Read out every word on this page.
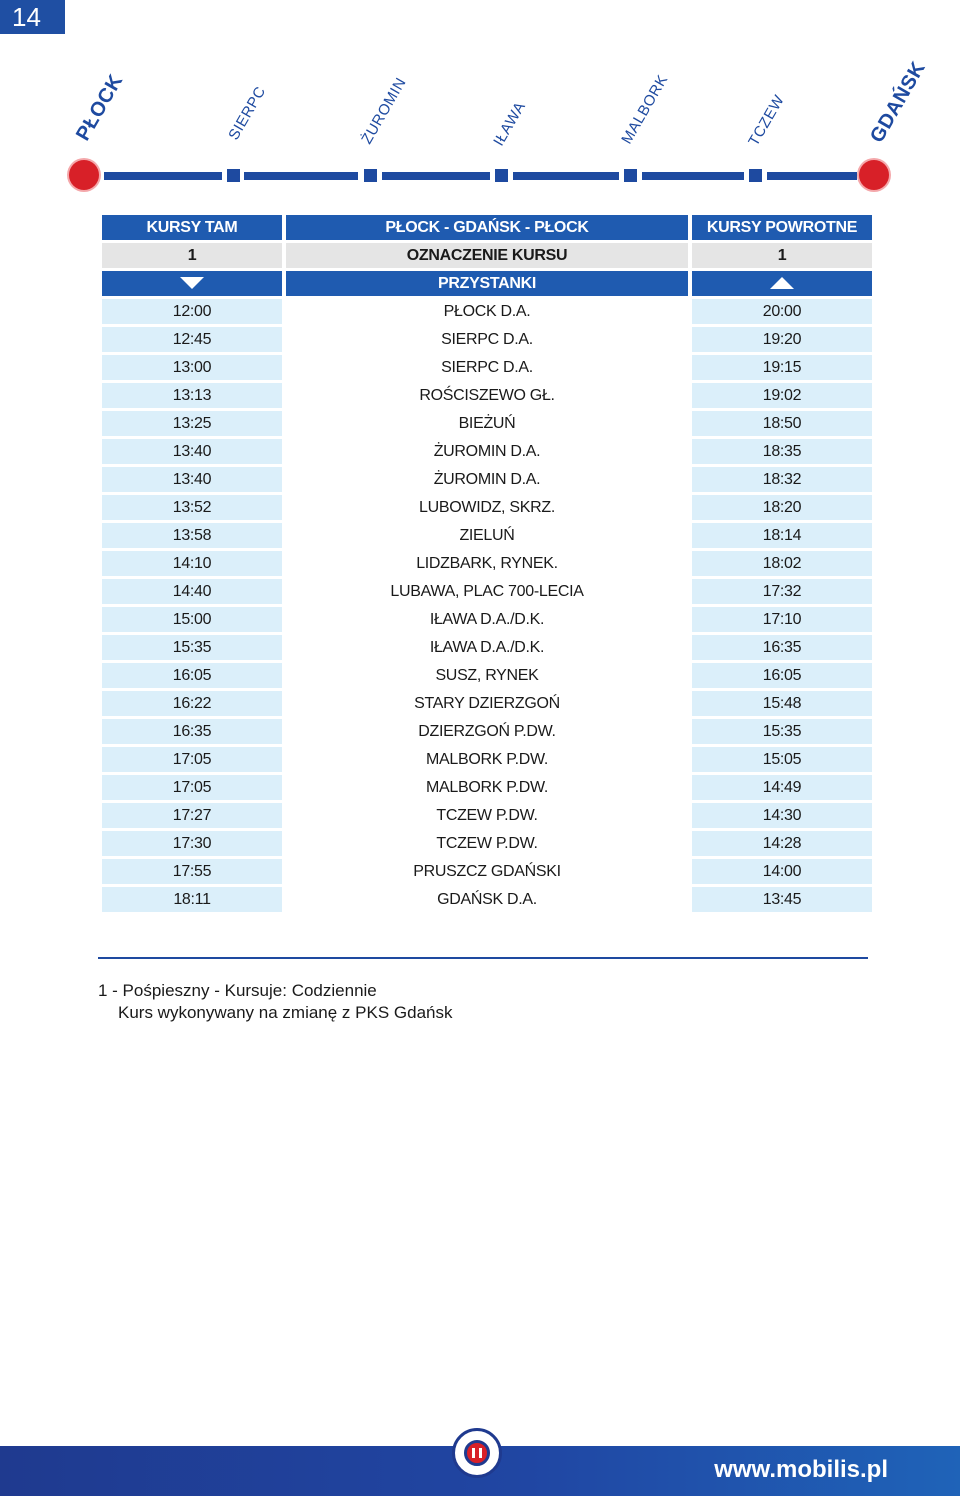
14
PŁOCK	SIERPC	ŻUROMIN	IŁAWA	MALBORK	TCZEW	GDAŃSK
KURSY TAM	PŁOCK - GDAŃSK - PŁOCK	KURSY POWROTNE
1	OZNACZENIE KURSU	1
	PRZYSTANKI	
12:00	PŁOCK D.A.	20:00
12:45	SIERPC D.A.	19:20
13:00	SIERPC D.A.	19:15
13:13	ROŚCISZEWO GŁ.	19:02
13:25	BIEŻUŃ	18:50
13:40	ŻUROMIN D.A.	18:35
13:40	ŻUROMIN D.A.	18:32
13:52	LUBOWIDZ, SKRZ.	18:20
13:58	ZIELUŃ	18:14
14:10	LIDZBARK, RYNEK.	18:02
14:40	LUBAWA, PLAC 700-LECIA	17:32
15:00	IŁAWA D.A./D.K.	17:10
15:35	IŁAWA D.A./D.K.	16:35
16:05	SUSZ, RYNEK	16:05
16:22	STARY DZIERZGOŃ	15:48
16:35	DZIERZGOŃ P.DW.	15:35
17:05	MALBORK P.DW.	15:05
17:05	MALBORK P.DW.	14:49
17:27	TCZEW P.DW.	14:30
17:30	TCZEW P.DW.	14:28
17:55	PRUSZCZ GDAŃSKI	14:00
18:11	GDAŃSK D.A.	13:45
1 - Pośpieszny - Kursuje: Codziennie
Kurs wykonywany na zmianę z PKS Gdańsk
www.mobilis.pl
